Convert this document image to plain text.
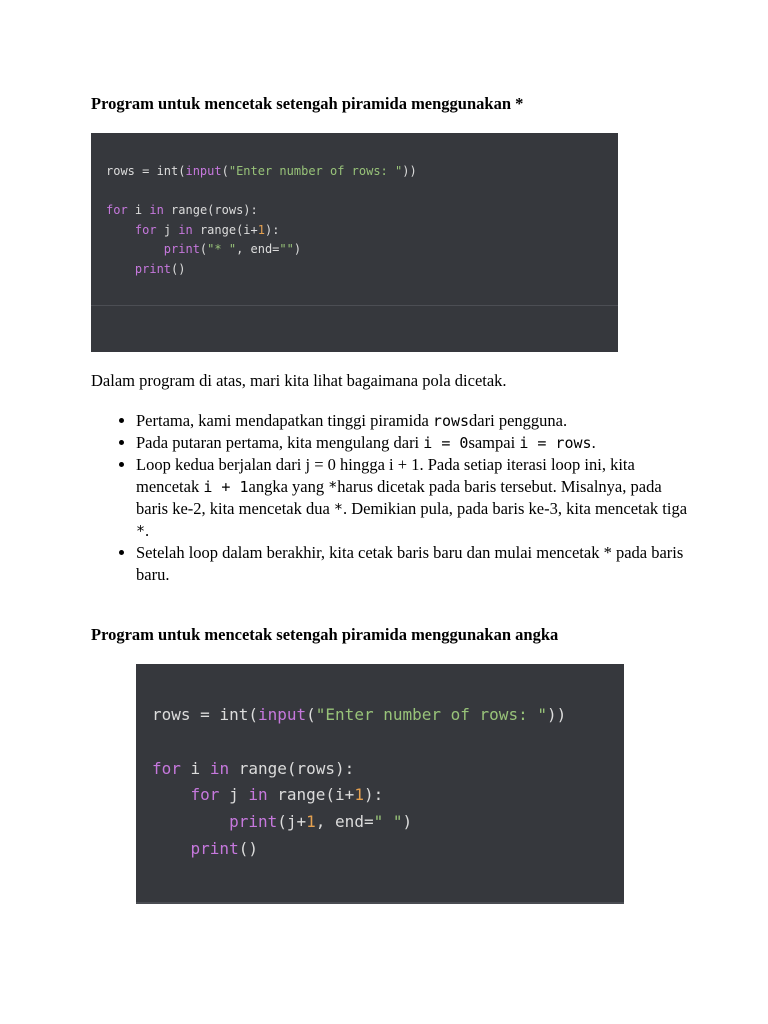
Program untuk mencetak setengah piramida menggunakan *

rows = int(input("Enter number of rows: "))

for i in range(rows):
for j in range(i+1):
print("* ", end="")
print()

Dalam program di atas, mari kita lihat bagaimana pola dicetak.
• Pertama, kami mendapatkan tinggi piramida rowsdari pengguna.
• Pada putaran pertama, kita mengulang dari i = 0sampai i = rows.
• Loop kedua berjalan dari j = 0 hingga i + 1. Pada setiap iterasi loop ini, kita mencetak i + 1angka yang *harus dicetak pada baris tersebut. Misalnya, pada baris ke-2, kita mencetak dua *. Demikian pula, pada baris ke-3, kita mencetak tiga *.
• Setelah loop dalam berakhir, kita cetak baris baru dan mulai mencetak * pada baris baru.
Program untuk mencetak setengah piramida menggunakan angka

rows = int(input("Enter number of rows: "))

for i in range(rows):
for j in range(i+1):
print(j+1, end=" ")
print()
